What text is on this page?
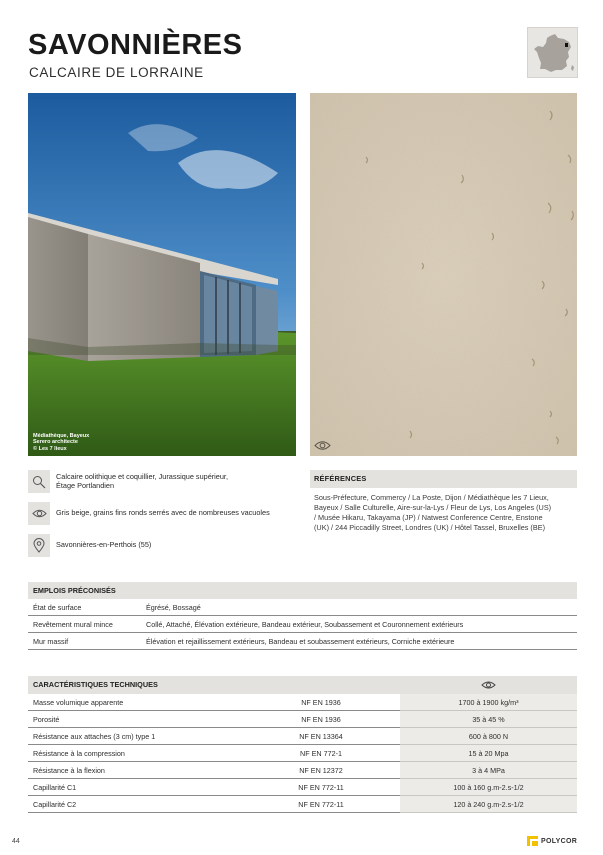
SAVONNIÈRES
CALCAIRE DE LORRAINE
Médiathèque, Bayeux
Serero architecte
© Les 7 lieux
Calcaire oolithique et coquillier, Jurassique supérieur,
Étage Portlandien
Gris beige, grains fins ronds serrés avec de nombreuses vacuoles
Savonnières-en-Perthois (55)
RÉFÉRENCES
Sous-Préfecture, Commercy / La Poste, Dijon / Médiathèque les 7 Lieux,
Bayeux / Salle Culturelle, Aire-sur-la-Lys / Fleur de Lys, Los Angeles (US)
/ Musée Hikaru, Takayama (JP) / Natwest Conference Centre, Enstone
(UK) / 244 Piccadilly Street, Londres (UK) / Hôtel Tassel, Bruxelles (BE)
EMPLOIS PRÉCONISÉS
État de surface	Égrésé, Bossagé
Revêtement mural mince	Collé, Attaché, Élévation extérieure, Bandeau extérieur, Soubassement et Couronnement extérieurs
Mur massif	Élévation et rejaillissement extérieurs, Bandeau et soubassement extérieurs, Corniche extérieure
CARACTÉRISTIQUES TECHNIQUES
Masse volumique apparente	NF EN 1936	1700 à 1900 kg/m³
Porosité	NF EN 1936	35 à 45 %
Résistance aux attaches (3 cm) type 1	NF EN 13364	600 à 800 N
Résistance à la compression	NF EN 772-1	15 à 20 Mpa
Résistance à la flexion	NF EN 12372	3 à 4 MPa
Capillarité C1	NF EN 772-11	100 à 160 g.m-2.s-1/2
Capillarité C2	NF EN 772-11	120 à 240 g.m-2.s-1/2
44	POLYCOR
